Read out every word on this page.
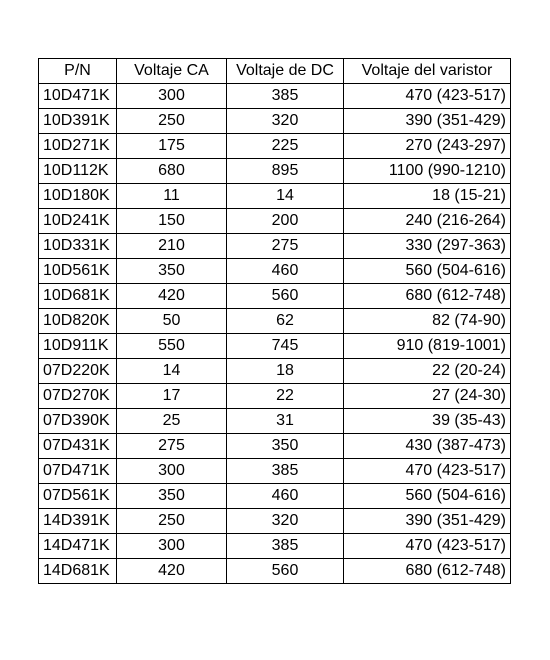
P/N	Voltaje CA	Voltaje de DC	Voltaje del varistor
10D471K	300	385	470 (423-517)
10D391K	250	320	390 (351-429)
10D271K	175	225	270 (243-297)
10D112K	680	895	1100 (990-1210)
10D180K	11	14	18 (15-21)
10D241K	150	200	240 (216-264)
10D331K	210	275	330 (297-363)
10D561K	350	460	560 (504-616)
10D681K	420	560	680 (612-748)
10D820K	50	62	82 (74-90)
10D911K	550	745	910 (819-1001)
07D220K	14	18	22 (20-24)
07D270K	17	22	27 (24-30)
07D390K	25	31	39 (35-43)
07D431K	275	350	430 (387-473)
07D471K	300	385	470 (423-517)
07D561K	350	460	560 (504-616)
14D391K	250	320	390 (351-429)
14D471K	300	385	470 (423-517)
14D681K	420	560	680 (612-748)
